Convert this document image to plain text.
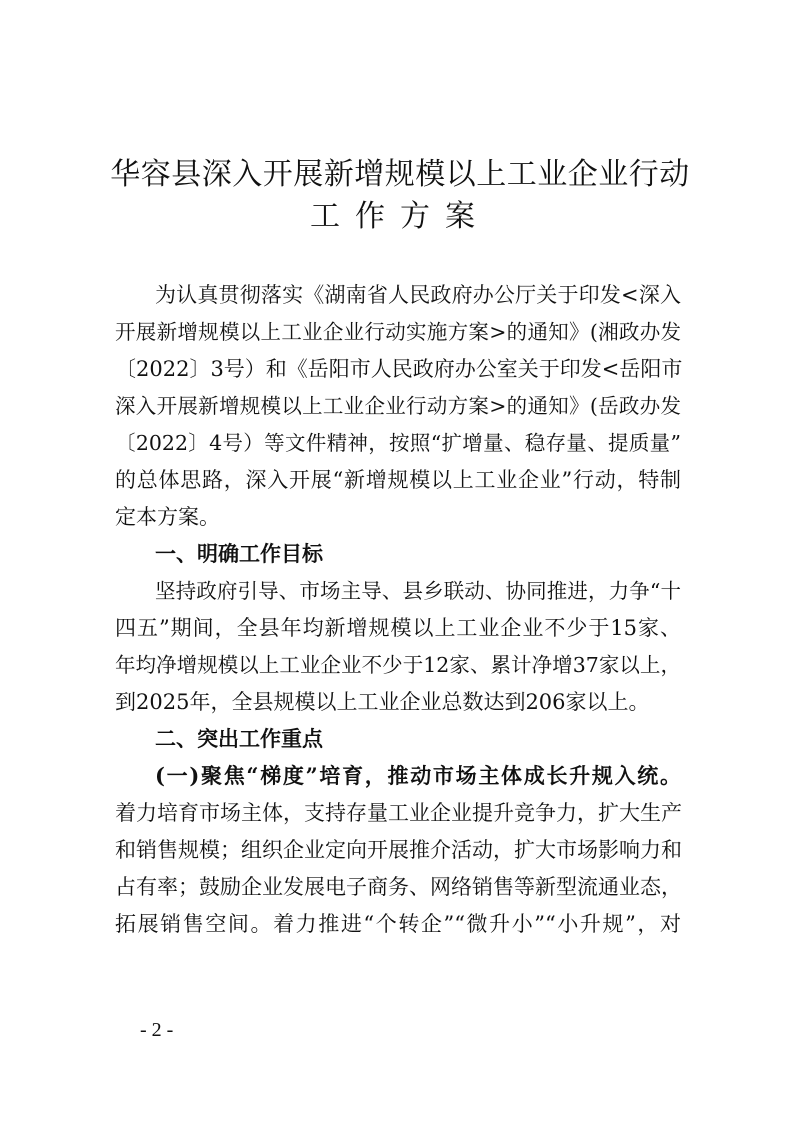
华容县深入开展新增规模以上工业企业行动
工作方案
为认真贯彻落实《湖南省人民政府办公厅关于印发<深入
开展新增规模以上工业企业行动实施方案>的通知》(湘政办发
〔2022〕3号）和《岳阳市人民政府办公室关于印发<岳阳市
深入开展新增规模以上工业企业行动方案>的通知》(岳政办发
〔2022〕4号）等文件精神，按照“扩增量、稳存量、提质量”
的总体思路，深入开展“新增规模以上工业企业”行动，特制
定本方案。
一、明确工作目标
坚持政府引导、市场主导、县乡联动、协同推进，力争“十
四五”期间，全县年均新增规模以上工业企业不少于15家、
年均净增规模以上工业企业不少于12家、累计净增37家以上，
到2025年，全县规模以上工业企业总数达到206家以上。
二、突出工作重点
(一)聚焦“梯度”培育，推动市场主体成长升规入统。
着力培育市场主体，支持存量工业企业提升竞争力，扩大生产
和销售规模；组织企业定向开展推介活动，扩大市场影响力和
占有率；鼓励企业发展电子商务、网络销售等新型流通业态，
拓展销售空间。着力推进“个转企”“微升小”“小升规”，对
- 2 -
